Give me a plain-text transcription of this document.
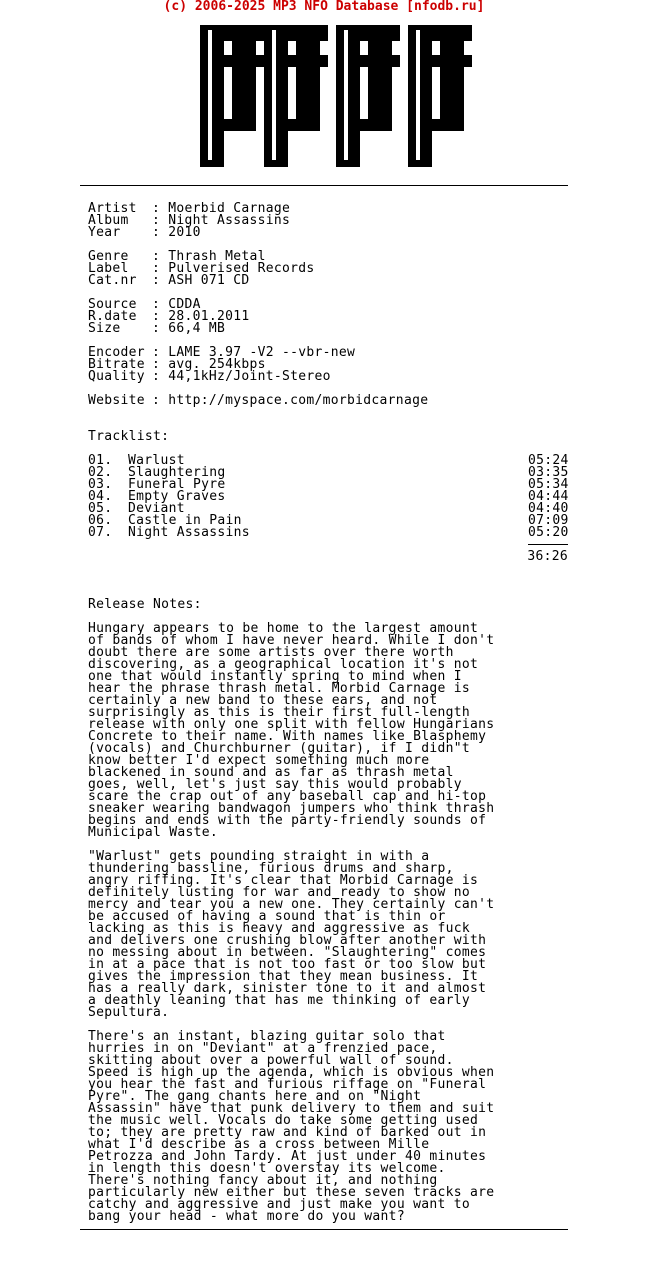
(c) 2006-2025 MP3 NFO Database [nfodb.ru]
Artist : Moerbid Carnage
Album : Night Assassins
Year : 2010
Genre : Thrash Metal
Label : Pulverised Records
Cat.nr : ASH 071 CD
Source : CDDA
R.date : 28.01.2011
Size : 66,4 MB
Encoder : LAME 3.97 -V2 --vbr-new
Bitrate : avg. 254kbps
Quality : 44,1kHz/Joint-Stereo
Website : http://myspace.com/morbidcarnage
Tracklist:
01.	Warlust	05:24
02.	Slaughtering	03:35
03.	Funeral Pyre	05:34
04.	Empty Graves	04:44
05.	Deviant	04:40
06.	Castle in Pain	07:09
07.	Night Assassins	05:20
36:26
Release Notes:
Hungary appears to be home to the largest amount
of bands of whom I have never heard. While I don't
doubt there are some artists over there worth
discovering, as a geographical location it's not
one that would instantly spring to mind when I
hear the phrase thrash metal. Morbid Carnage is
certainly a new band to these ears, and not
surprisingly as this is their first full-length
release with only one split with fellow Hungarians
Concrete to their name. With names like Blasphemy
(vocals) and Churchburner (guitar), if I didn"t
know better I'd expect something much more
blackened in sound and as far as thrash metal
goes, well, let's just say this would probably
scare the crap out of any baseball cap and hi-top
sneaker wearing bandwagon jumpers who think thrash
begins and ends with the party-friendly sounds of
Municipal Waste.
"Warlust" gets pounding straight in with a
thundering bassline, furious drums and sharp,
angry riffing. It's clear that Morbid Carnage is
definitely lusting for war and ready to show no
mercy and tear you a new one. They certainly can't
be accused of having a sound that is thin or
lacking as this is heavy and aggressive as fuck
and delivers one crushing blow after another with
no messing about in between. "Slaughtering" comes
in at a pace that is not too fast or too slow but
gives the impression that they mean business. It
has a really dark, sinister tone to it and almost
a deathly leaning that has me thinking of early
Sepultura.
There's an instant, blazing guitar solo that
hurries in on "Deviant" at a frenzied pace,
skitting about over a powerful wall of sound.
Speed is high up the agenda, which is obvious when
you hear the fast and furious riffage on "Funeral
Pyre". The gang chants here and on "Night
Assassin" have that punk delivery to them and suit
the music well. Vocals do take some getting used
to; they are pretty raw and kind of barked out in
what I'd describe as a cross between Mille
Petrozza and John Tardy. At just under 40 minutes
in length this doesn't overstay its welcome.
There's nothing fancy about it, and nothing
particularly new either but these seven tracks are
catchy and aggressive and just make you want to
bang your head - what more do you want?
